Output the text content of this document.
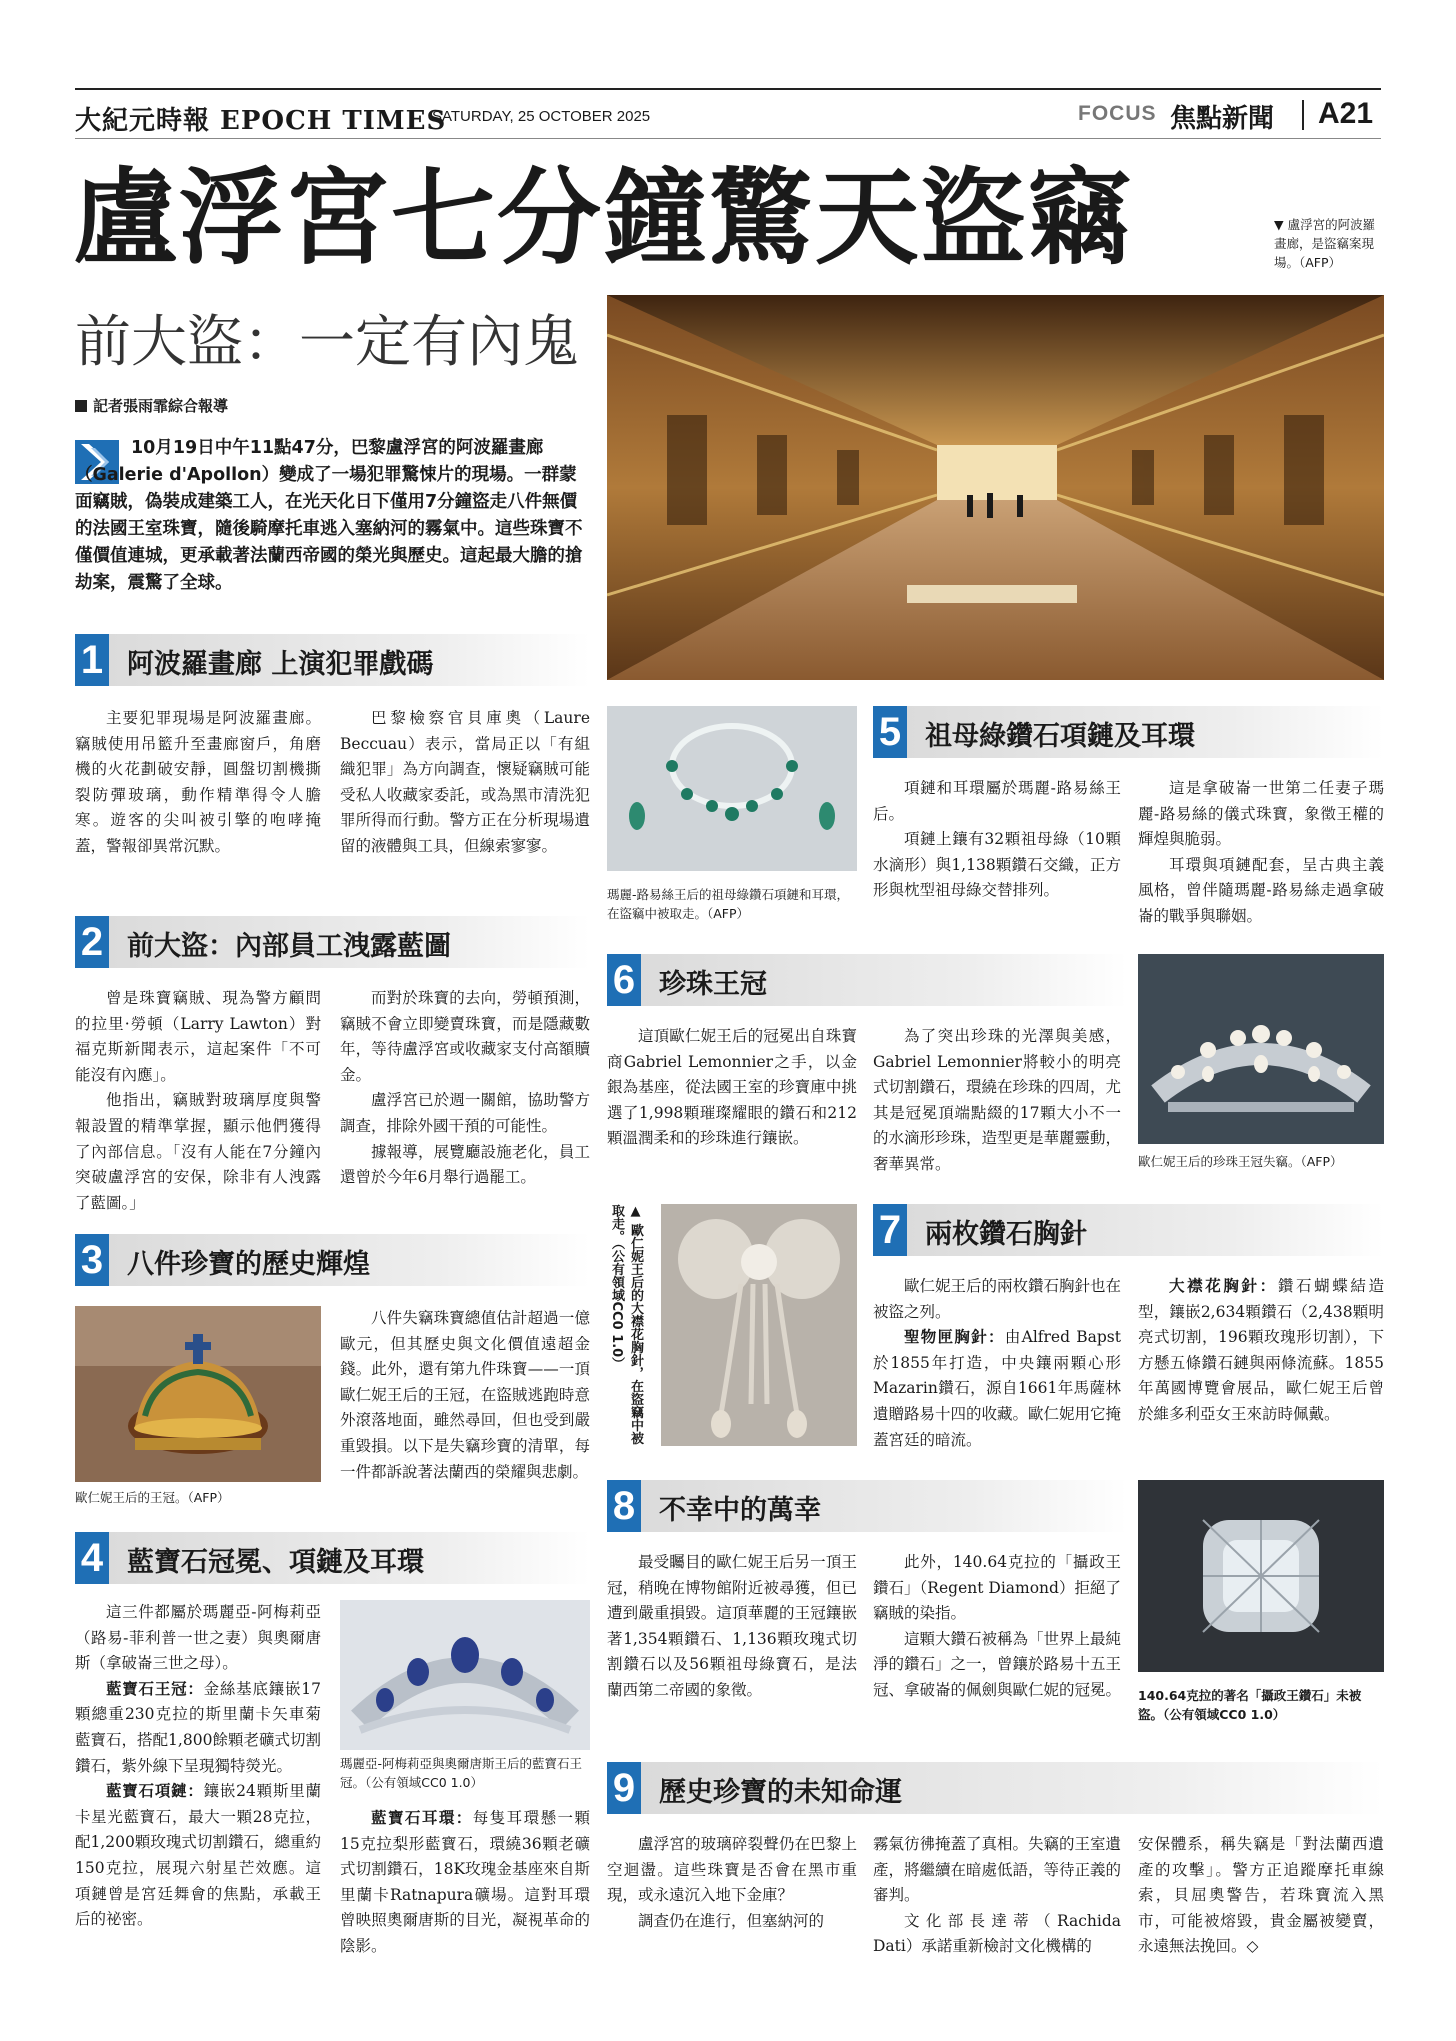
大紀元時報 EPOCH TIMES
SATURDAY, 25 OCTOBER 2025	FOCUS 焦點新聞 A21
盧浮宮七分鐘驚天盜竊
前大盜：一定有內鬼
記者張雨霏綜合報導
10月19日中午11點47分，巴黎盧浮宮的阿波羅畫廊（Galerie d'Apollon）變成了一場犯罪驚悚片的現場。一群蒙面竊賊，偽裝成建築工人，在光天化日下僅用7分鐘盜走八件無價的法國王室珠寶，隨後騎摩托車逃入塞納河的霧氣中。這些珠寶不僅價值連城，更承載著法蘭西帝國的榮光與歷史。這起最大膽的搶劫案，震驚了全球。
▼ 盧浮宮的阿波羅畫廊，是盜竊案現場。（AFP）
1 阿波羅畫廊 上演犯罪戲碼
主要犯罪現場是阿波羅畫廊。竊賊使用吊籃升至畫廊窗戶，角磨機的火花劃破安靜，圓盤切割機撕裂防彈玻璃，動作精準得令人膽寒。遊客的尖叫被引擎的咆哮掩蓋，警報卻異常沉默。
巴黎檢察官貝庫奧（Laure Beccuau）表示，當局正以「有組織犯罪」為方向調查，懷疑竊賊可能受私人收藏家委託，或為黑市清洗犯罪所得而行動。警方正在分析現場遺留的液體與工具，但線索寥寥。
2 前大盜：內部員工洩露藍圖

曾是珠寶竊賊、現為警方顧問的拉里·勞頓（Larry Lawton）對福克斯新聞表示，這起案件「不可能沒有內應」。

他指出，竊賊對玻璃厚度與警報設置的精準掌握，顯示他們獲得了內部信息。「沒有人能在7分鐘內突破盧浮宮的安保，除非有人洩露了藍圖。」

而對於珠寶的去向，勞頓預測，竊賊不會立即變賣珠寶，而是隱藏數年，等待盧浮宮或收藏家支付高額贖金。

盧浮宮已於週一關館，協助警方調查，排除外國干預的可能性。

據報導，展覽廳設施老化，員工還曾於今年6月舉行過罷工。

3 八件珍寶的歷史輝煌
歐仁妮王后的王冠。（AFP）
八件失竊珠寶總值估計超過一億歐元，但其歷史與文化價值遠超金錢。此外，還有第九件珠寶——一頂歐仁妮王后的王冠，在盜賊逃跑時意外滾落地面，雖然尋回，但也受到嚴重毀損。以下是失竊珍寶的清單，每一件都訴說著法蘭西的榮耀與悲劇。
4 藍寶石冠冕、項鏈及耳環

這三件都屬於瑪麗亞-阿梅莉亞（路易-菲利普一世之妻）與奧爾唐斯（拿破崙三世之母）。

藍寶石王冠：金絲基底鑲嵌17顆總重230克拉的斯里蘭卡矢車菊藍寶石，搭配1,800餘顆老礦式切割鑽石，紫外線下呈現獨特熒光。

藍寶石項鏈：鑲嵌24顆斯里蘭卡星光藍寶石，最大一顆28克拉，配1,200顆玫瑰式切割鑽石，總重約150克拉，展現六射星芒效應。這項鏈曾是宮廷舞會的焦點，承載王后的祕密。

瑪麗亞-阿梅莉亞與奧爾唐斯王后的藍寶石王冠。（公有領域CC0 1.0）

藍寶石耳環：每隻耳環懸一顆15克拉梨形藍寶石，環繞36顆老礦式切割鑽石，18K玫瑰金基座來自斯里蘭卡Ratnapura礦場。這對耳環曾映照奧爾唐斯的目光，凝視革命的陰影。

瑪麗-路易絲王后的祖母綠鑽石項鏈和耳環，在盜竊中被取走。（AFP）
5 祖母綠鑽石項鏈及耳環

項鏈和耳環屬於瑪麗-路易絲王后。

項鏈上鑲有32顆祖母綠（10顆水滴形）與1,138顆鑽石交織，正方形與枕型祖母綠交替排列。

這是拿破崙一世第二任妻子瑪麗-路易絲的儀式珠寶，象徵王權的輝煌與脆弱。

耳環與項鏈配套，呈古典主義風格，曾伴隨瑪麗-路易絲走過拿破崙的戰爭與聯姻。

6 珍珠王冠
這頂歐仁妮王后的冠冕出自珠寶商Gabriel Lemonnier之手，以金銀為基座，從法國王室的珍寶庫中挑選了1,998顆璀璨耀眼的鑽石和212顆溫潤柔和的珍珠進行鑲嵌。
為了突出珍珠的光澤與美感，Gabriel Lemonnier將較小的明亮式切割鑽石，環繞在珍珠的四周，尤其是冠冕頂端點綴的17顆大小不一的水滴形珍珠，造型更是華麗靈動，奢華異常。	歐仁妮王后的珍珠王冠失竊。（AFP）
▲ 歐仁妮王后的大襟花胸針，在盜竊中被取走。（公有領域CC0 1.0）	7 兩枚鑽石胸針

歐仁妮王后的兩枚鑽石胸針也在被盜之列。

聖物匣胸針：由Alfred Bapst於1855年打造，中央鑲兩顆心形Mazarin鑽石，源自1661年馬薩林遺贈路易十四的收藏。歐仁妮用它掩蓋宮廷的暗流。

大襟花胸針：鑽石蝴蝶結造型，鑲嵌2,634顆鑽石（2,438顆明亮式切割，196顆玫瑰形切割），下方懸五條鑽石鏈與兩條流蘇。1855年萬國博覽會展品，歐仁妮王后曾於維多利亞女王來訪時佩戴。

8 不幸中的萬幸
最受矚目的歐仁妮王后另一頂王冠，稍晚在博物館附近被尋獲，但已遭到嚴重損毀。這頂華麗的王冠鑲嵌著1,354顆鑽石、1,136顆玫瑰式切割鑽石以及56顆祖母綠寶石，是法蘭西第二帝國的象徵。

此外，140.64克拉的「攝政王鑽石」（Regent Diamond）拒絕了竊賊的染指。

這顆大鑽石被稱為「世界上最純淨的鑽石」之一，曾鑲於路易十五王冠、拿破崙的佩劍與歐仁妮的冠冕。 140.64克拉的著名「攝政王鑽石」未被盜。（公有領域CC0 1.0）
9 歷史珍寶的未知命運

盧浮宮的玻璃碎裂聲仍在巴黎上空迴盪。這些珠寶是否會在黑市重現，或永遠沉入地下金庫？

調查仍在進行，但塞納河的

霧氣彷彿掩蓋了真相。失竊的王室遺產，將繼續在暗處低語，等待正義的審判。

文化部長達蒂（Rachida Dati）承諾重新檢討文化機構的

安保體系，稱失竊是「對法蘭西遺產的攻擊」。警方正追蹤摩托車線索，貝屈奧警告，若珠寶流入黑市，可能被熔毀，貴金屬被變賣，永遠無法挽回。◇
